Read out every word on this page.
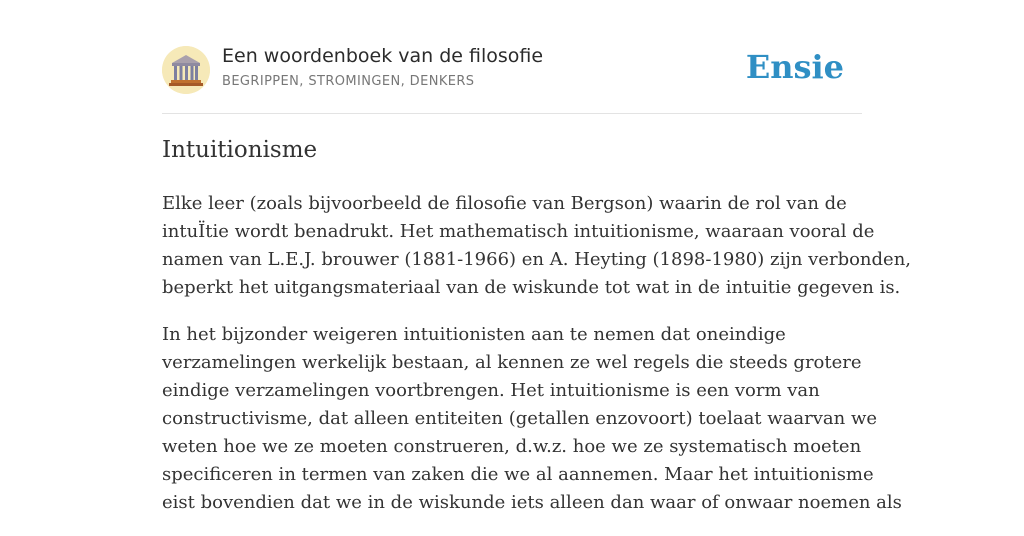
Een woordenboek van de filosofie
BEGRIPPEN, STROMINGEN, DENKERS	Ensie
Intuitionisme

Elke leer (zoals bijvoorbeeld de filosofie van Bergson) waarin de rol van de
intuÏtie wordt benadrukt. Het mathematisch intuitionisme, waaraan vooral de
namen van L.E.J. brouwer (1881-1966) en A. Heyting (1898-1980) zijn verbonden,
beperkt het uitgangsmateriaal van de wiskunde tot wat in de intuitie gegeven is.

In het bijzonder weigeren intuitionisten aan te nemen dat oneindige
verzamelingen werkelijk bestaan, al kennen ze wel regels die steeds grotere
eindige verzamelingen voortbrengen. Het intuitionisme is een vorm van
constructivisme, dat alleen entiteiten (getallen enzovoort) toelaat waarvan we
weten hoe we ze moeten construeren, d.w.z. hoe we ze systematisch moeten
specificeren in termen van zaken die we al aannemen. Maar het intuitionisme
eist bovendien dat we in de wiskunde iets alleen dan waar of onwaar noemen als
